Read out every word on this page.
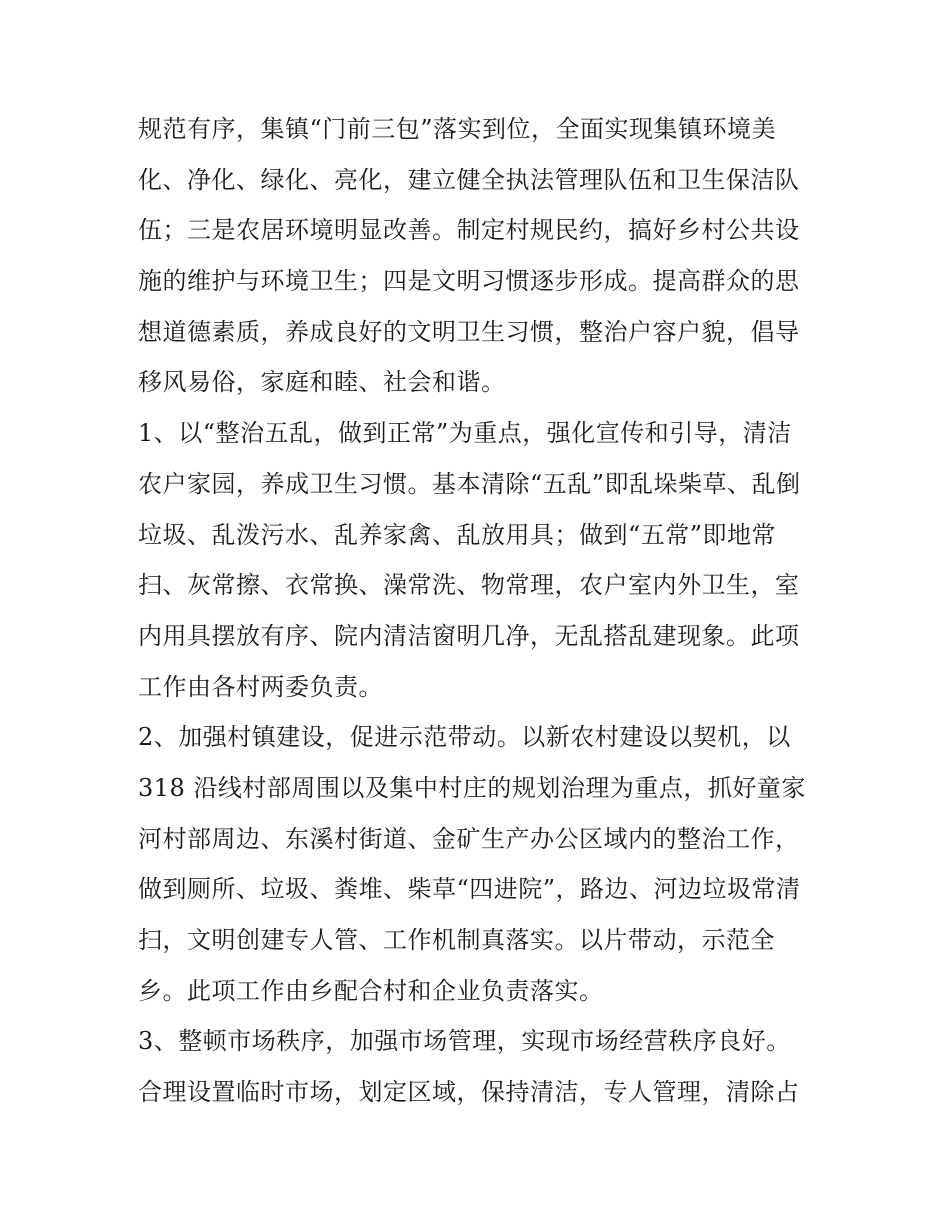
规范有序，集镇“门前三包”落实到位，全面实现集镇环境美
化、净化、绿化、亮化，建立健全执法管理队伍和卫生保洁队
伍；三是农居环境明显改善。制定村规民约，搞好乡村公共设
施的维护与环境卫生；四是文明习惯逐步形成。提高群众的思
想道德素质，养成良好的文明卫生习惯，整治户容户貌，倡导
移风易俗，家庭和睦、社会和谐。
1、以“整治五乱，做到正常”为重点，强化宣传和引导，清洁
农户家园，养成卫生习惯。基本清除“五乱”即乱垛柴草、乱倒
垃圾、乱泼污水、乱养家禽、乱放用具；做到“五常”即地常
扫、灰常擦、衣常换、澡常洗、物常理，农户室内外卫生，室
内用具摆放有序、院内清洁窗明几净，无乱搭乱建现象。此项
工作由各村两委负责。
2、加强村镇建设，促进示范带动。以新农村建设以契机，以
318 沿线村部周围以及集中村庄的规划治理为重点，抓好童家
河村部周边、东溪村街道、金矿生产办公区域内的整治工作，
做到厕所、垃圾、粪堆、柴草“四进院”，路边、河边垃圾常清
扫，文明创建专人管、工作机制真落实。以片带动，示范全
乡。此项工作由乡配合村和企业负责落实。
3、整顿市场秩序，加强市场管理，实现市场经营秩序良好。
合理设置临时市场，划定区域，保持清洁，专人管理，清除占
